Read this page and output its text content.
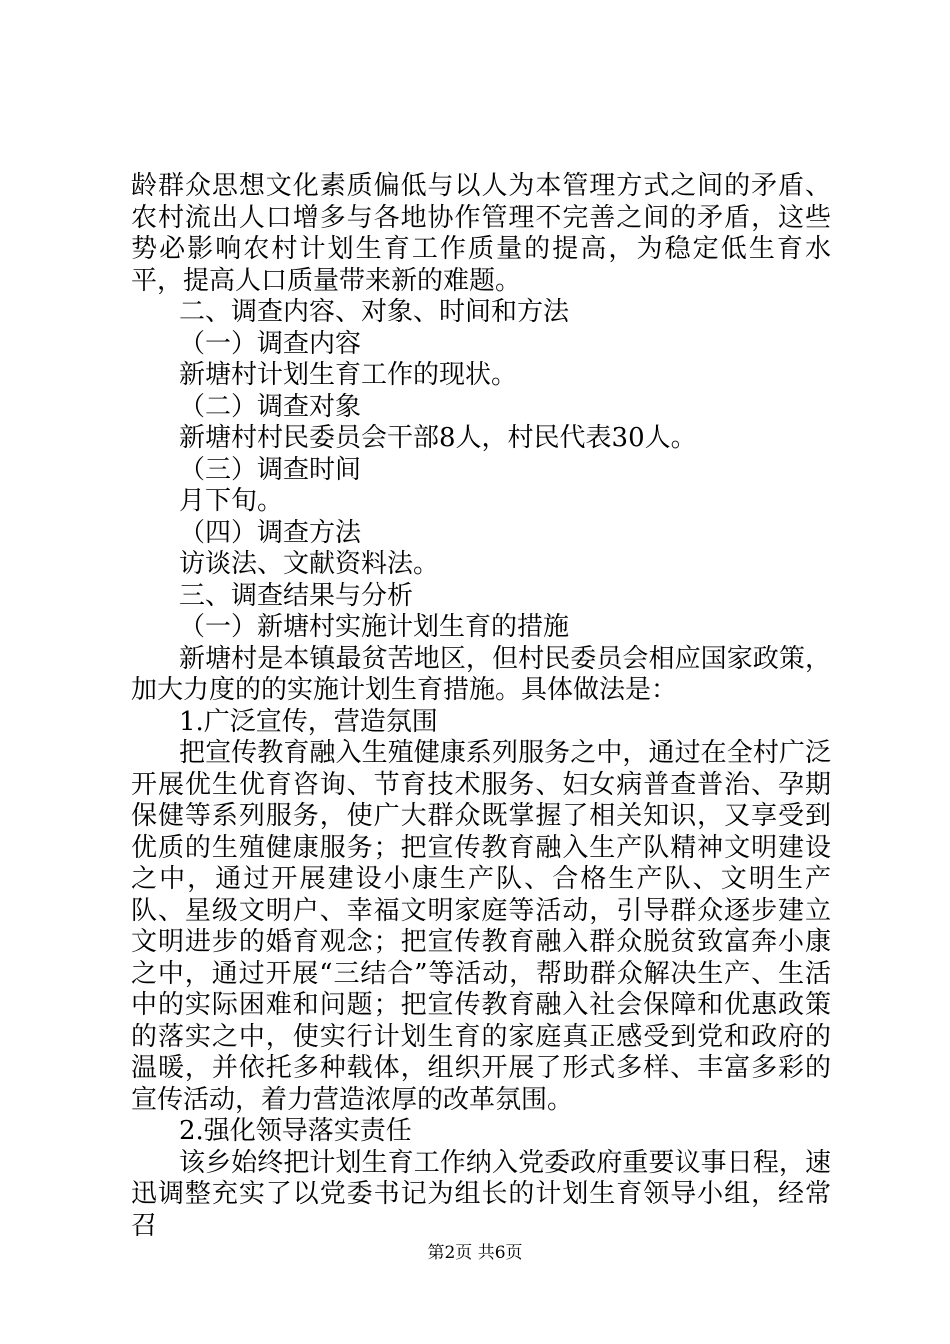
龄群众思想文化素质偏低与以人为本管理方式之间的矛盾、农村流出人口增多与各地协作管理不完善之间的矛盾，这些势必影响农村计划生育工作质量的提高，为稳定低生育水平，提高人口质量带来新的难题。

二、调查内容、对象、时间和方法

（一）调查内容

新塘村计划生育工作的现状。

（二）调查对象

新塘村村民委员会干部8人，村民代表30人。

（三）调查时间

月下旬。

（四）调查方法

访谈法、文献资料法。

三、调查结果与分析

（一）新塘村实施计划生育的措施

新塘村是本镇最贫苦地区，但村民委员会相应国家政策，加大力度的的实施计划生育措施。具体做法是：

1.广泛宣传，营造氛围

把宣传教育融入生殖健康系列服务之中，通过在全村广泛开展优生优育咨询、节育技术服务、妇女病普查普治、孕期保健等系列服务，使广大群众既掌握了相关知识，又享受到优质的生殖健康服务；把宣传教育融入生产队精神文明建设之中，通过开展建设小康生产队、合格生产队、文明生产队、星级文明户、幸福文明家庭等活动，引导群众逐步建立文明进步的婚育观念；把宣传教育融入群众脱贫致富奔小康之中，通过开展“三结合”等活动，帮助群众解决生产、生活中的实际困难和问题；把宣传教育融入社会保障和优惠政策的落实之中，使实行计划生育的家庭真正感受到党和政府的温暖，并依托多种载体，组织开展了形式多样、丰富多彩的宣传活动，着力营造浓厚的改革氛围。

2.强化领导落实责任

该乡始终把计划生育工作纳入党委政府重要议事日程，速迅调整充实了以党委书记为组长的计划生育领导小组，经常召

第2页 共6页
